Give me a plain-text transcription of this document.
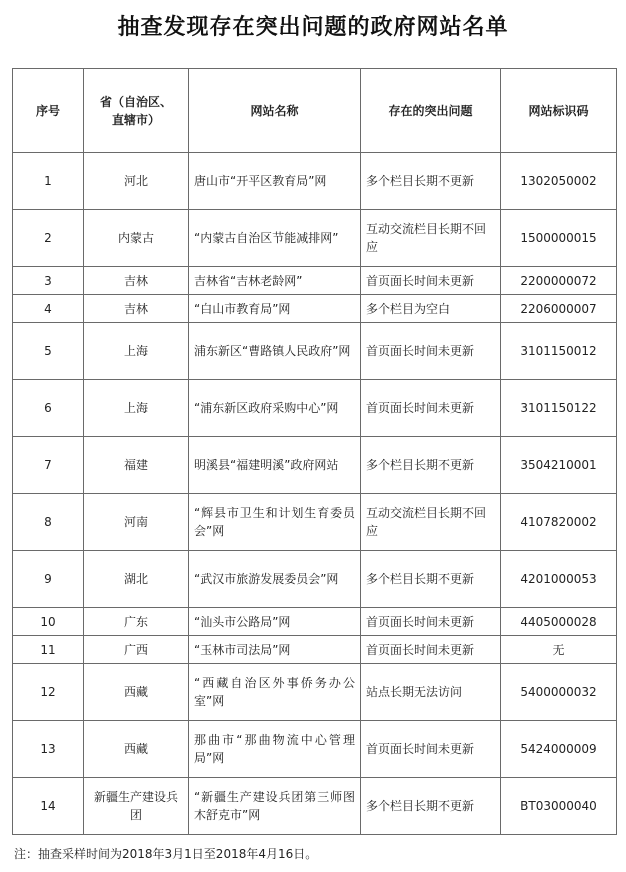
抽查发现存在突出问题的政府网站名单
序号	省（自治区、直辖市）	网站名称	存在的突出问题	网站标识码
1	河北	唐山市“开平区教育局”网	多个栏目长期不更新	1302050002
2	内蒙古	“内蒙古自治区节能减排网”	互动交流栏目长期不回应	1500000015
3	吉林	吉林省“吉林老龄网”	首页面长时间未更新	2200000072
4	吉林	“白山市教育局”网	多个栏目为空白	2206000007
5	上海	浦东新区“曹路镇人民政府”网	首页面长时间未更新	3101150012
6	上海	“浦东新区政府采购中心”网	首页面长时间未更新	3101150122
7	福建	明溪县“福建明溪”政府网站	多个栏目长期不更新	3504210001
8	河南	“辉县市卫生和计划生育委员会”网	互动交流栏目长期不回应	4107820002
9	湖北	“武汉市旅游发展委员会”网	多个栏目长期不更新	4201000053
10	广东	“汕头市公路局”网	首页面长时间未更新	4405000028
11	广西	“玉林市司法局”网	首页面长时间未更新	无
12	西藏	“西藏自治区外事侨务办公室”网	站点长期无法访问	5400000032
13	西藏	那曲市“那曲物流中心管理局”网	首页面长时间未更新	5424000009
14	新疆生产建设兵团	“新疆生产建设兵团第三师图木舒克市”网	多个栏目长期不更新	BT03000040
注：抽查采样时间为2018年3月1日至2018年4月16日。
